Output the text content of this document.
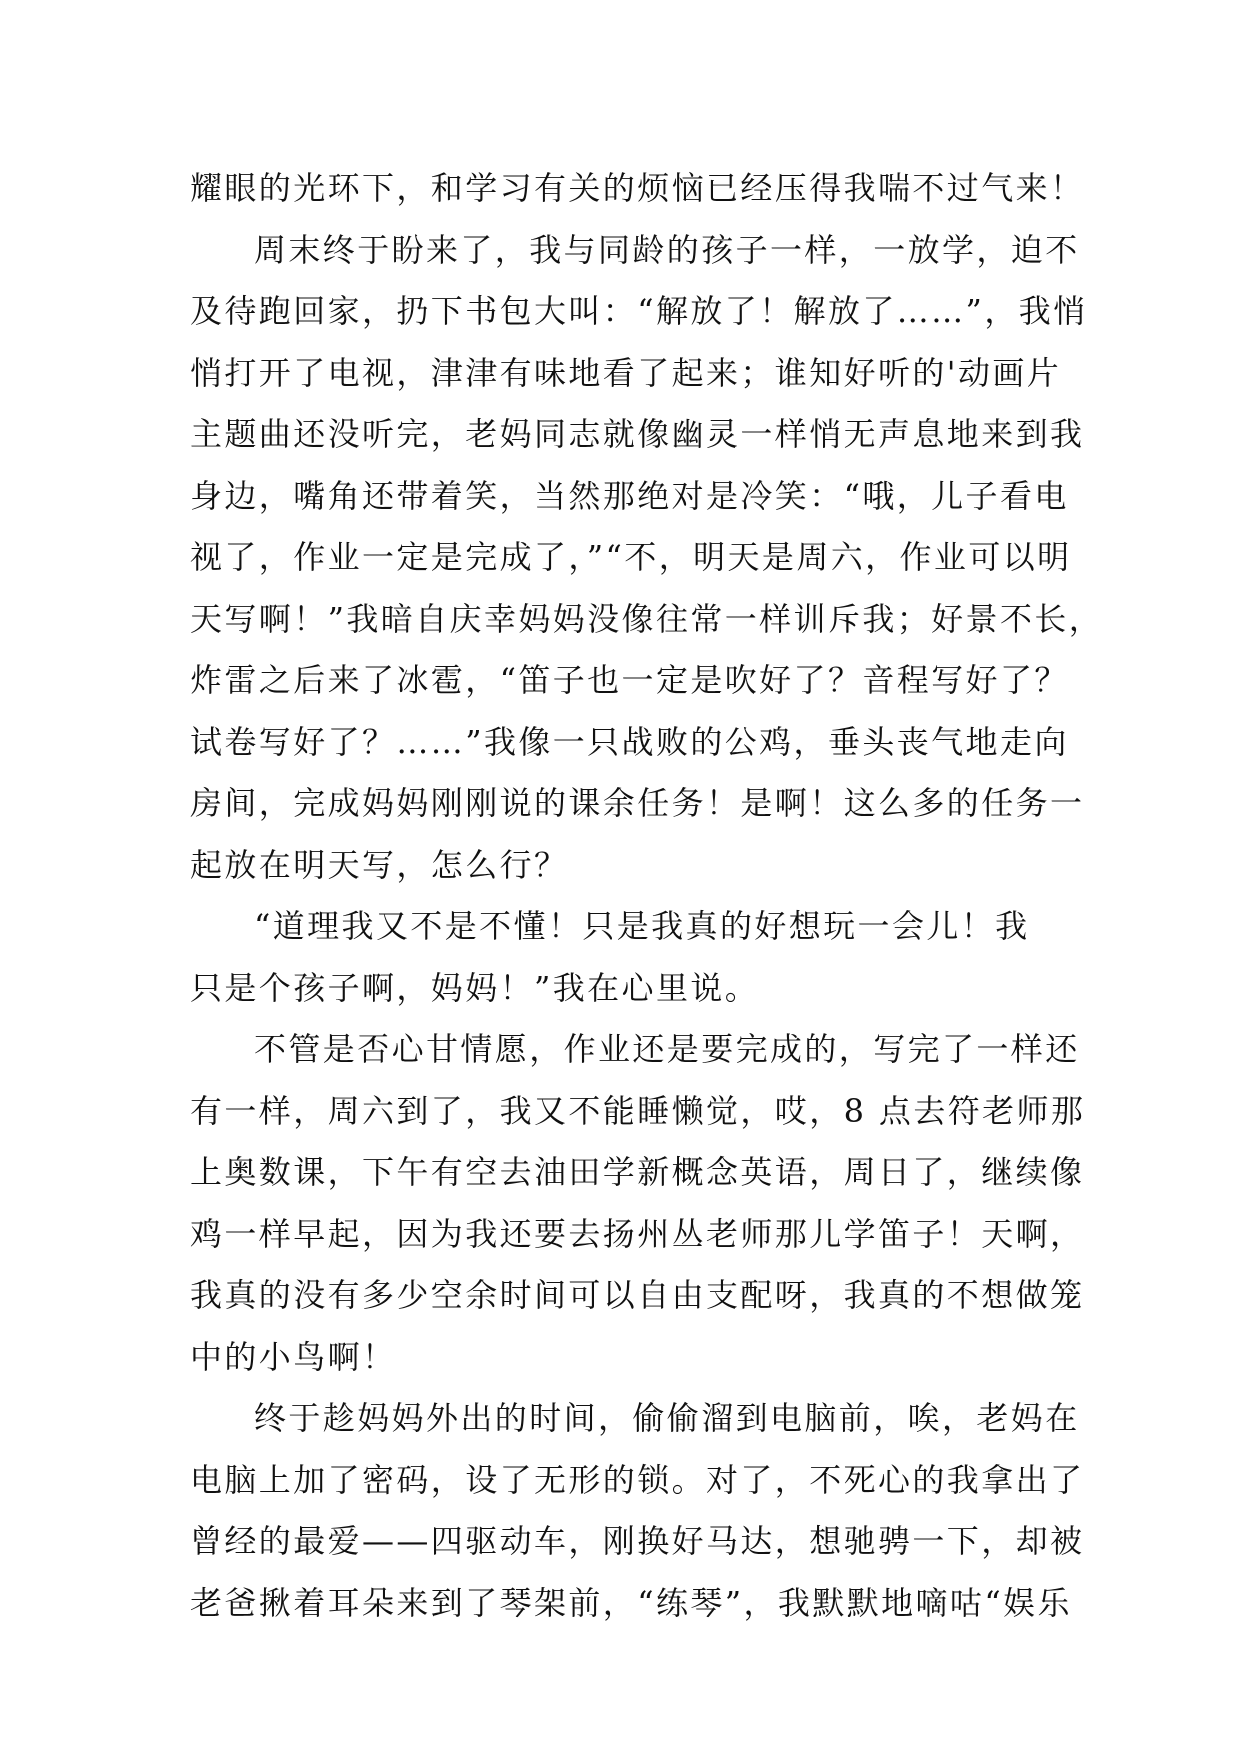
耀眼的光环下，和学习有关的烦恼已经压得我喘不过气来！
周末终于盼来了，我与同龄的孩子一样，一放学，迫不
及待跑回家，扔下书包大叫：“解放了！解放了……”，我悄
悄打开了电视，津津有味地看了起来；谁知好听的'动画片
主题曲还没听完，老妈同志就像幽灵一样悄无声息地来到我
身边，嘴角还带着笑，当然那绝对是冷笑：“哦，儿子看电
视了，作业一定是完成了，”“不，明天是周六，作业可以明
天写啊！”我暗自庆幸妈妈没像往常一样训斥我；好景不长，
炸雷之后来了冰雹，“笛子也一定是吹好了？音程写好了？
试卷写好了？……”我像一只战败的公鸡，垂头丧气地走向
房间，完成妈妈刚刚说的课余任务！是啊！这么多的任务一
起放在明天写，怎么行？
“道理我又不是不懂！只是我真的好想玩一会儿！我
只是个孩子啊，妈妈！”我在心里说。
不管是否心甘情愿，作业还是要完成的，写完了一样还
有一样，周六到了，我又不能睡懒觉，哎，8 点去符老师那
上奥数课，下午有空去油田学新概念英语，周日了，继续像
鸡一样早起，因为我还要去扬州丛老师那儿学笛子！天啊，
我真的没有多少空余时间可以自由支配呀，我真的不想做笼
中的小鸟啊！
终于趁妈妈外出的时间，偷偷溜到电脑前，唉，老妈在
电脑上加了密码，设了无形的锁。对了，不死心的我拿出了
曾经的最爱——四驱动车，刚换好马达，想驰骋一下，却被
老爸揪着耳朵来到了琴架前，“练琴”，我默默地嘀咕“娱乐
